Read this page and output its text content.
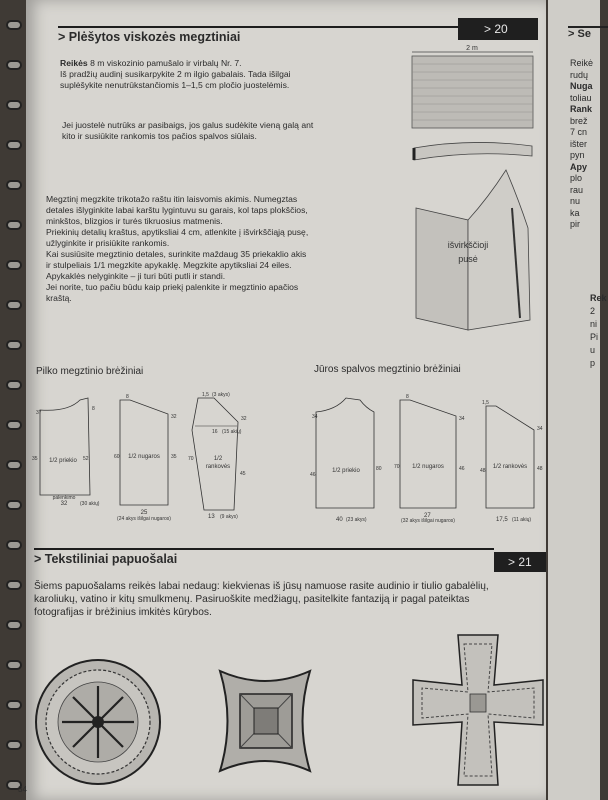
> Plėšytos viskozės megztiniai
> 20

Reikės 8 m viskozinio pamušalo ir virbalų Nr. 7.

Iš pradžių audinį susikarpykite 2 m ilgio gabalais. Tada išilgai

suplėšykite nenutrūkstančiomis 1–1,5 cm pločio juostelėmis.

2 m

Jei juostelė nutrūks ar pasibaigs, jos galus sudėkite vieną galą ant

kito ir susiūkite rankomis tos pačios spalvos siūlais.

Megztinį megzkite trikotažo raštu itin laisvomis akimis. Numegztas

detales išlyginkite labai karštu lygintuvu su garais, kol taps plokščios,

minkštos, blizgios ir turės tikruosius matmenis.

Priekinių detalių kraštus, apytiksliai 4 cm, atlenkite į išvirkščiąją pusę,

užlyginkite ir prisiūkite rankomis.

Kai susiūsite megztinio detales, surinkite maždaug 35 priekaklio akis

ir stulpeliais 1/1 megzkite apykaklę. Megzkite apytiksliai 24 eiles.

Apykaklės nelyginkite – ji turi būti putli ir standi.

Jei norite, tuo pačiu būdu kaip priekį palenkite ir megztinio apačios

kraštą.

išvirkščioji
pusė
Pilko megztinio brėžiniai	Jūros spalvos megztinio brėžiniai
1/2 priekio
37
8
35	52
32	(30 akių)
palenkimo
1/2 nugaros
8
32
60	35
25
(24 akys išilgai nugaros)
1/2
rankovės
1,5 (3 akys)
32
16 (15 akių)
70
45
13 (9 akys)
1/2 priekio
34
46
80
40 (23 akys)
1/2 nugaros
8
34
70	46
27
(32 akys išilgai nugaros)
1/2 rankovės
1,5
34
48	48
17,5 (11 akių)
> Tekstiliniai papuošalai	> 21

Šiems papuošalams reikės labai nedaug: kiekvienas iš jūsų namuose rasite audinio ir tiulio gabalėlių,

karoliukų, vatino ir kitų smulkmenų. Pasiruoškite medžiagų, pasitelkite fantaziją ir pagal pateiktas

fotografijas ir brėžinius imkitės kūrybos.

34
> Se

Reikė

rudų

Nuga

toliau

Rank

brež

7 cn

išter

pyn

Apy

plo

rau

nu

ka

pir

Rek

2

ni

Pi

u

p
